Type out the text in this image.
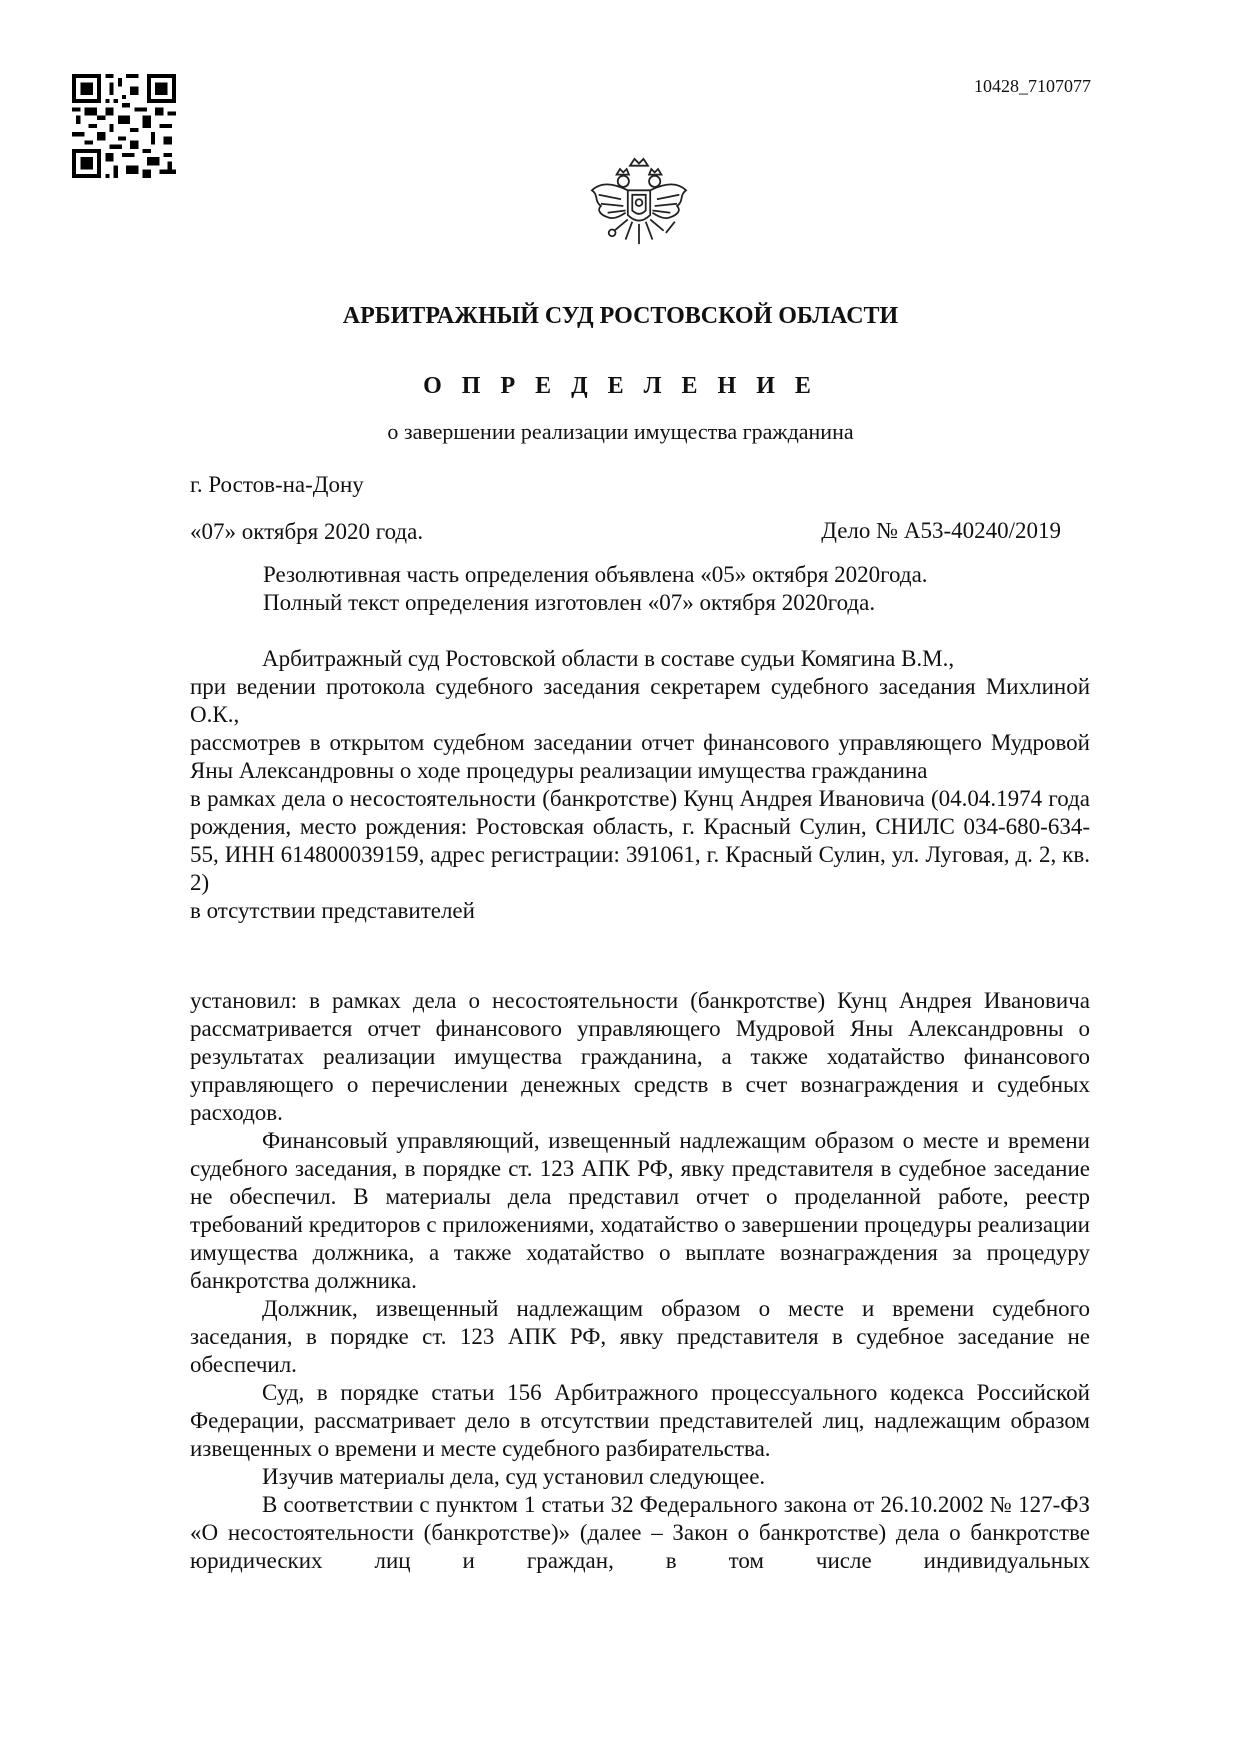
10428_7107077
АРБИТРАЖНЫЙ СУД РОСТОВСКОЙ ОБЛАСТИ
О П Р Е Д Е Л Е Н И Е
о завершении реализации имущества гражданина
г. Ростов-на-Дону
«07» октября 2020 года.	Дело № А53-40240/2019
Резолютивная часть определения объявлена «05» октября 2020года.
Полный текст определения изготовлен «07» октября 2020года.

Арбитражный суд Ростовской области в составе судьи Комягина В.М.,

при ведении протокола судебного заседания секретарем судебного заседания Михлиной О.К.,

рассмотрев в открытом судебном заседании отчет финансового управляющего Мудровой Яны Александровны о ходе процедуры реализации имущества гражданина

в рамках дела о несостоятельности (банкротстве) Кунц Андрея Ивановича (04.04.1974 года рождения, место рождения: Ростовская область, г. Красный Сулин, СНИЛС 034-680-634-55, ИНН 614800039159, адрес регистрации: 391061, г. Красный Сулин, ул. Луговая, д. 2, кв. 2)

в отсутствии представителей

установил: в рамках дела о несостоятельности (банкротстве) Кунц Андрея Ивановича рассматривается отчет финансового управляющего Мудровой Яны Александровны о результатах реализации имущества гражданина, а также ходатайство финансового управляющего о перечислении денежных средств в счет вознаграждения и судебных расходов.

Финансовый управляющий, извещенный надлежащим образом о месте и времени судебного заседания, в порядке ст. 123 АПК РФ, явку представителя в судебное заседание не обеспечил. В материалы дела представил отчет о проделанной работе, реестр требований кредиторов с приложениями, ходатайство о завершении процедуры реализации имущества должника, а также ходатайство о выплате вознаграждения за процедуру банкротства должника.

Должник, извещенный надлежащим образом о месте и времени судебного заседания, в порядке ст. 123 АПК РФ, явку представителя в судебное заседание не обеспечил.

Суд, в порядке статьи 156 Арбитражного процессуального кодекса Российской Федерации, рассматривает дело в отсутствии представителей лиц, надлежащим образом извещенных о времени и месте судебного разбирательства.

Изучив материалы дела, суд установил следующее.

В соответствии с пунктом 1 статьи 32 Федерального закона от 26.10.2002 № 127-ФЗ «О несостоятельности (банкротстве)» (далее – Закон о банкротстве) дела о банкротстве юридических лиц и граждан, в том числе индивидуальных
